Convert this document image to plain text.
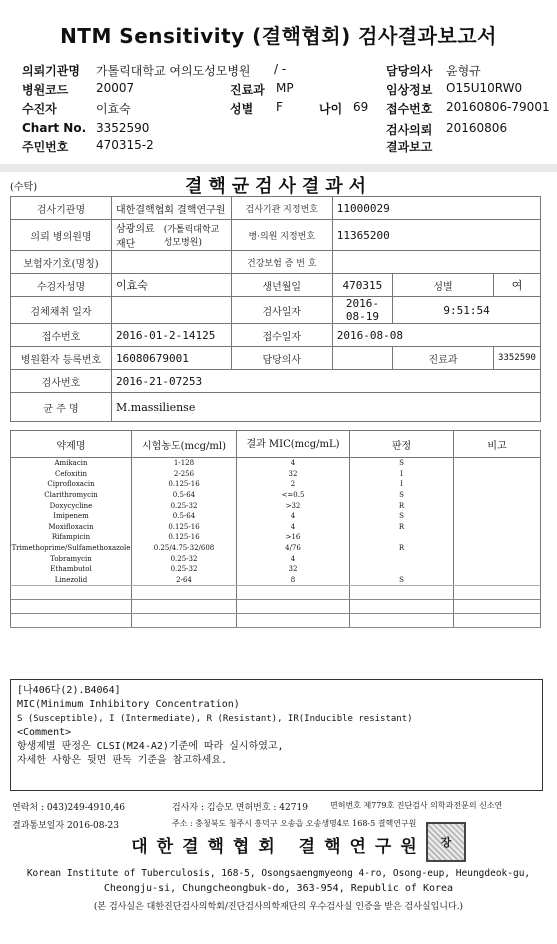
NTM Sensitivity (결핵협회) 검사결과보고서
의뢰기관명 가톨릭대학교 여의도성모병원 / -	담당의사 윤형규
병원코드 20007	진료과 MP	임상정보 O15U10RW0
수진자	이효숙	성별 F	나이 69 접수번호 20160806-79001
Chart No. 3352590	검사의뢰 20160806
주민번호 470315-2	결과보고
(수탁)	결핵균검사결과서
검사기관명	대한결핵협회 결핵연구원		검사기관 지정번호	11000029		
의뢰 병의원명	삼광의료재단	(가톨릭대학교성모병원)	병·의원 지정번호	11365200		
보험자기호(명칭)			건강보험 증 번 호			
수검자성명	이효숙		생년월일	470315	성별	여
검체채취 일자			검사일자	2016-08-19	9:51:54	
접수번호	2016-01-2-14125		접수일자	2016-08-08		
병원환자 등록번호	16080679001		담당의사		진료과	3352590
검사번호	2016-21-07253					
균 주 명	M.massiliense					
약제명	시험농도(mcg/ml)	결과 MIC(mcg/mL)	판정	비고
Amikacin	1-128	4	S	
Cefoxitin	2-256	32	I	
Ciprofloxacin	0.125-16	2	I	
Clarithromycin	0.5-64	<=0.5	S	
Doxycycline	0.25-32	>32	R	
Imipenem	0.5-64	4	S	
Moxifloxacin	0.125-16	4	R	
Rifampicin	0.125-16	>16		
Trimethoprime/Sulfamethoxazole	0.25/4.75-32/608	4/76	R	
Tobramycin	0.25-32	4		
Ethambutol	0.25-32	32		
Linezolid	2-64	8	S	

[나406다(2).B4064]
MIC(Minimum Inhibitory Concentration)
S (Susceptible), I (Intermediate), R (Resistant), IR(Inducible resistant)
<Comment>
항생제별 판정은 CLSI(M24-A2)기준에 따라 실시하였고,
자세한 사항은 뒷면 판독 기준을 참고하세요.
연락처 : 043)249-4910,46	검사자 : 김승모 면허번호 : 42719	면허번호 제779호 진단검사 의학과전문의 신소연
결과통보일자 2016-08-23	주소 : 충청북도 청주시 흥덕구 오송읍 오송생명4로 168-5 결핵연구원
대한결핵협회 결핵연구원	장
Korean Institute of Tuberculosis, 168-5, Osongsaengmyeong 4-ro, Osong-eup, Heungdeok-gu,
Cheongju-si, Chungcheongbuk-do, 363-954, Republic of Korea
(본 검사실은 대한진단검사의학회/진단검사의학재단의 우수검사실 인증을 받은 검사실입니다.)
